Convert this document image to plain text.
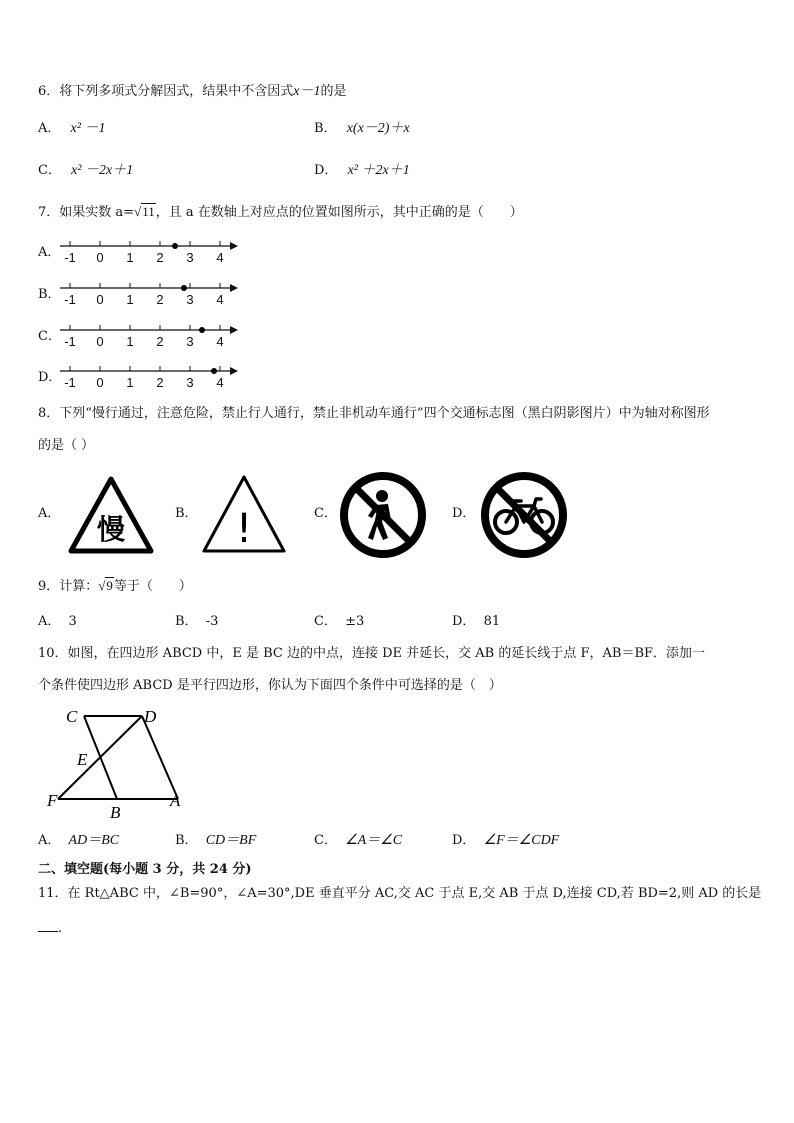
6．将下列多项式分解因式，结果中不含因式x－1的是
A． x² －1	B． x(x－2)＋x
C． x² －2x＋1	D． x² ＋2x＋1
7．如果实数 a=√11，且 a 在数轴上对应点的位置如图所示，其中正确的是（　　）
A．
B．
C．
D．
-1 0 1 2 3 4
-1 0 1 2 3 4
-1 0 1 2 3 4
-1 0 1 2 3 4
8．下列“慢行通过，注意危险，禁止行人通行，禁止非机动车通行”四个交通标志图（黑白阴影图片）中为轴对称图形
的是（ ）
A．	B．	C．	D．
慢	!
9．计算：√9等于（　　）
A． 3	B． -3	C． ±3	D． 81
10．如图，在四边形 ABCD 中，E 是 BC 边的中点，连接 DE 并延长，交 AB 的延长线于点 F，AB＝BF．添加一
个条件使四边形 ABCD 是平行四边形，你认为下面四个条件中可选择的是（　）
C	D
E
F
B
A
A． AD＝BC	B． CD＝BF	C． ∠A＝∠C	D． ∠F＝∠CDF
二、填空题(每小题 3 分，共 24 分)
11．在 Rt△ABC 中，∠B=90°，∠A=30°,DE 垂直平分 AC,交 AC 于点 E,交 AB 于点 D,连接 CD,若 BD=2,则 AD 的长是
.
